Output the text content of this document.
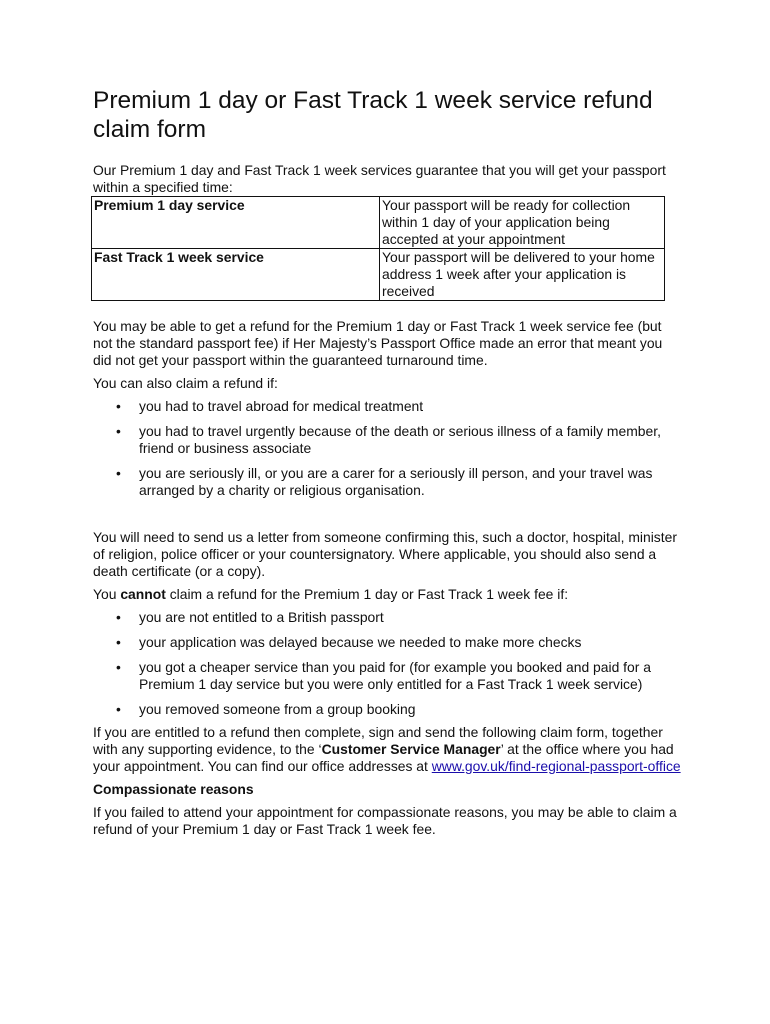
Premium 1 day or Fast Track 1 week service refund claim form

Our Premium 1 day and Fast Track 1 week services guarantee that you will get your passport within a specified time:

Premium 1 day service	Your passport will be ready for collection within 1 day of your application being accepted at your appointment
Fast Track 1 week service	Your passport will be delivered to your home address 1 week after your application is received

You may be able to get a refund for the Premium 1 day or Fast Track 1 week service fee (but not the standard passport fee) if Her Majesty’s Passport Office made an error that meant you did not get your passport within the guaranteed turnaround time.

You can also claim a refund if:

• you had to travel abroad for medical treatment
• you had to travel urgently because of the death or serious illness of a family member, friend or business associate
• you are seriously ill, or you are a carer for a seriously ill person, and your travel was arranged by a charity or religious organisation.

You will need to send us a letter from someone confirming this, such a doctor, hospital, minister of religion, police officer or your countersignatory. Where applicable, you should also send a death certificate (or a copy).

You cannot claim a refund for the Premium 1 day or Fast Track 1 week fee if:

• you are not entitled to a British passport
• your application was delayed because we needed to make more checks
• you got a cheaper service than you paid for (for example you booked and paid for a Premium 1 day service but you were only entitled for a Fast Track 1 week service)
• you removed someone from a group booking

If you are entitled to a refund then complete, sign and send the following claim form, together with any supporting evidence, to the ‘Customer Service Manager’ at the office where you had your appointment. You can find our office addresses at www.gov.uk/find-regional-passport-office

Compassionate reasons

If you failed to attend your appointment for compassionate reasons, you may be able to claim a refund of your Premium 1 day or Fast Track 1 week fee.
